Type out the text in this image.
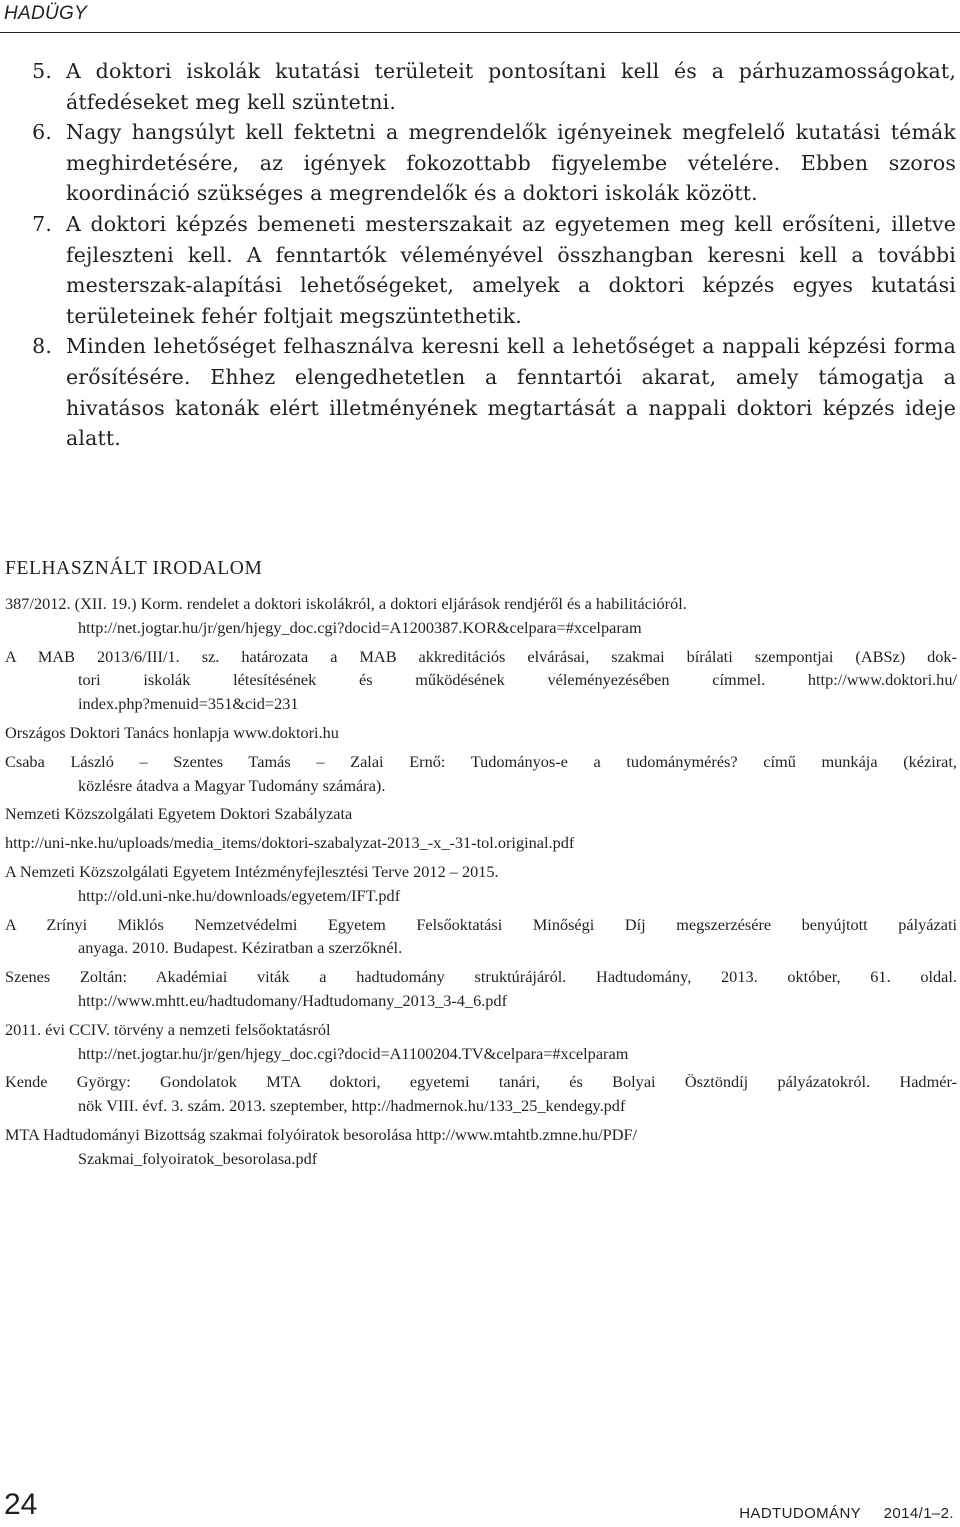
HADÜGY
5. A doktori iskolák kutatási területeit pontosítani kell és a párhuzamosságokat, átfedéseket meg kell szüntetni.
6. Nagy hangsúlyt kell fektetni a megrendelők igényeinek megfelelő kutatási témák meghirdetésére, az igények fokozottabb figyelembe vételére. Ebben szoros koordináció szükséges a megrendelők és a doktori iskolák között.
7. A doktori képzés bemeneti mesterszakait az egyetemen meg kell erősíteni, illetve fejleszteni kell. A fenntartók véleményével összhangban keresni kell a további mesterszak-alapítási lehetőségeket, amelyek a doktori képzés egyes kutatási területeinek fehér foltjait megszüntethetik.
8. Minden lehetőséget felhasználva keresni kell a lehetőséget a nappali képzési forma erősítésére. Ehhez elengedhetetlen a fenntartói akarat, amely támogatja a hivatásos katonák elért illetményének megtartását a nappali doktori képzés ideje alatt.
FELHASZNÁLT IRODALOM
387/2012. (XII. 19.) Korm. rendelet a doktori iskolákról, a doktori eljárások rendjéről és a habilitációról.
http://net.jogtar.hu/jr/gen/hjegy_doc.cgi?docid=A1200387.KOR&celpara=#xcelparam
A MAB 2013/6/III/1. sz. határozata a MAB akkreditációs elvárásai, szakmai bírálati szempontjai (ABSz) dok-
tori iskolák létesítésének és működésének véleményezésében címmel. http://www.doktori.hu/
index.php?menuid=351&cid=231
Országos Doktori Tanács honlapja www.doktori.hu
Csaba László – Szentes Tamás – Zalai Ernő: Tudományos-e a tudománymérés? című munkája (kézirat,
közlésre átadva a Magyar Tudomány számára).
Nemzeti Közszolgálati Egyetem Doktori Szabályzata
http://uni-nke.hu/uploads/media_items/doktori-szabalyzat-2013_-x_-31-tol.original.pdf
A Nemzeti Közszolgálati Egyetem Intézményfejlesztési Terve 2012 – 2015.
http://old.uni-nke.hu/downloads/egyetem/IFT.pdf
A Zrínyi Miklós Nemzetvédelmi Egyetem Felsőoktatási Minőségi Díj megszerzésére benyújtott pályázati
anyaga. 2010. Budapest. Kéziratban a szerzőknél.
Szenes Zoltán: Akadémiai viták a hadtudomány struktúrájáról. Hadtudomány, 2013. október, 61. oldal.
http://www.mhtt.eu/hadtudomany/Hadtudomany_2013_3-4_6.pdf
2011. évi CCIV. törvény a nemzeti felsőoktatásról
http://net.jogtar.hu/jr/gen/hjegy_doc.cgi?docid=A1100204.TV&celpara=#xcelparam
Kende György: Gondolatok MTA doktori, egyetemi tanári, és Bolyai Ösztöndíj pályázatokról. Hadmér-
nök VIII. évf. 3. szám. 2013. szeptember, http://hadmernok.hu/133_25_kendegy.pdf
MTA Hadtudományi Bizottság szakmai folyóiratok besorolása http://www.mtahtb.zmne.hu/PDF/
Szakmai_folyoiratok_besorolasa.pdf
24	HADTUDOMÁNY     2014/1–2.
